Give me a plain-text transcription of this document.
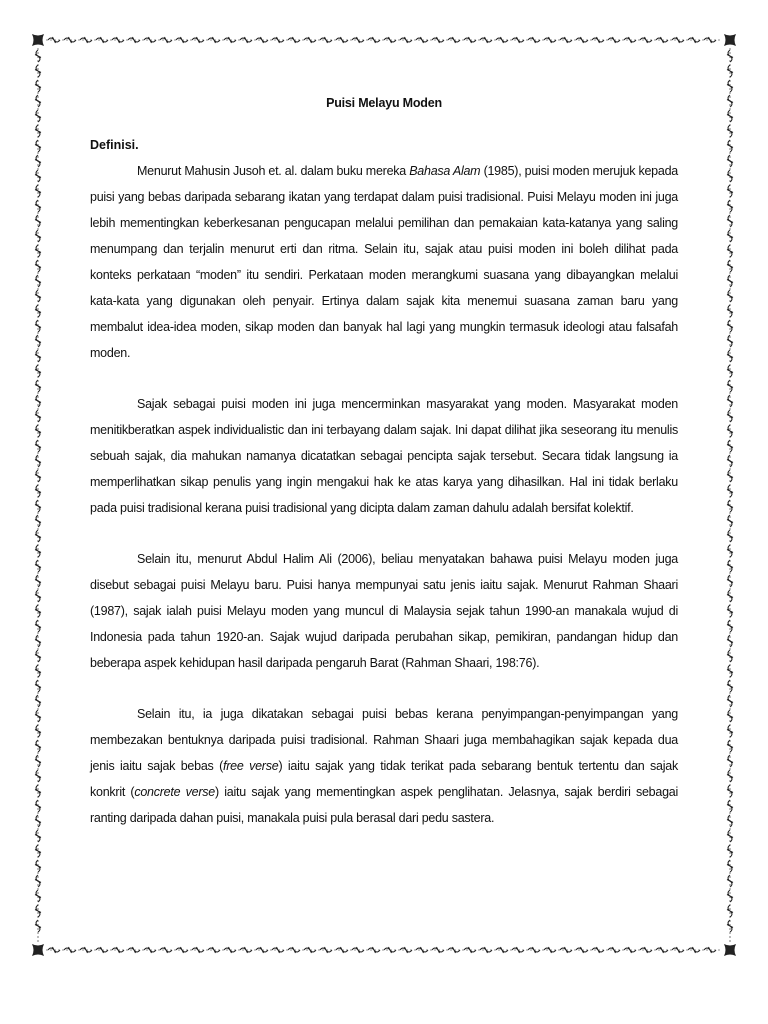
Puisi Melayu Moden
Definisi.

Menurut Mahusin Jusoh et. al. dalam buku mereka Bahasa Alam (1985), puisi moden merujuk kepada puisi yang bebas daripada sebarang ikatan yang terdapat dalam puisi tradisional. Puisi Melayu moden ini juga lebih mementingkan keberkesanan pengucapan melalui pemilihan dan pemakaian kata-katanya yang saling menumpang dan terjalin menurut erti dan ritma. Selain itu, sajak atau puisi moden ini boleh dilihat pada konteks perkataan “moden” itu sendiri. Perkataan moden merangkumi suasana yang dibayangkan melalui kata-kata yang digunakan oleh penyair. Ertinya dalam sajak kita menemui suasana zaman baru yang membalut idea-idea moden, sikap moden dan banyak hal lagi yang mungkin termasuk ideologi atau falsafah moden.

Sajak sebagai puisi moden ini juga mencerminkan masyarakat yang moden. Masyarakat moden menitikberatkan aspek individualistic dan ini terbayang dalam sajak. Ini dapat dilihat jika seseorang itu menulis sebuah sajak, dia mahukan namanya dicatatkan sebagai pencipta sajak tersebut. Secara tidak langsung ia memperlihatkan sikap penulis yang ingin mengakui hak ke atas karya yang dihasilkan. Hal ini tidak berlaku pada puisi tradisional kerana puisi tradisional yang dicipta dalam zaman dahulu adalah bersifat kolektif.

Selain itu, menurut Abdul Halim Ali (2006), beliau menyatakan bahawa puisi Melayu moden juga disebut sebagai puisi Melayu baru. Puisi hanya mempunyai satu jenis iaitu sajak. Menurut Rahman Shaari (1987), sajak ialah puisi Melayu moden yang muncul di Malaysia sejak tahun 1990-an manakala wujud di Indonesia pada tahun 1920-an. Sajak wujud daripada perubahan sikap, pemikiran, pandangan hidup dan beberapa aspek kehidupan hasil daripada pengaruh Barat (Rahman Shaari, 198:76).

Selain itu, ia juga dikatakan sebagai puisi bebas kerana penyimpangan-penyimpangan yang membezakan bentuknya daripada puisi tradisional. Rahman Shaari juga membahagikan sajak kepada dua jenis iaitu sajak bebas (free verse) iaitu sajak yang tidak terikat pada sebarang bentuk tertentu dan sajak konkrit (concrete verse) iaitu sajak yang mementingkan aspek penglihatan. Jelasnya, sajak berdiri sebagai ranting daripada dahan puisi, manakala puisi pula berasal dari pedu sastera.
